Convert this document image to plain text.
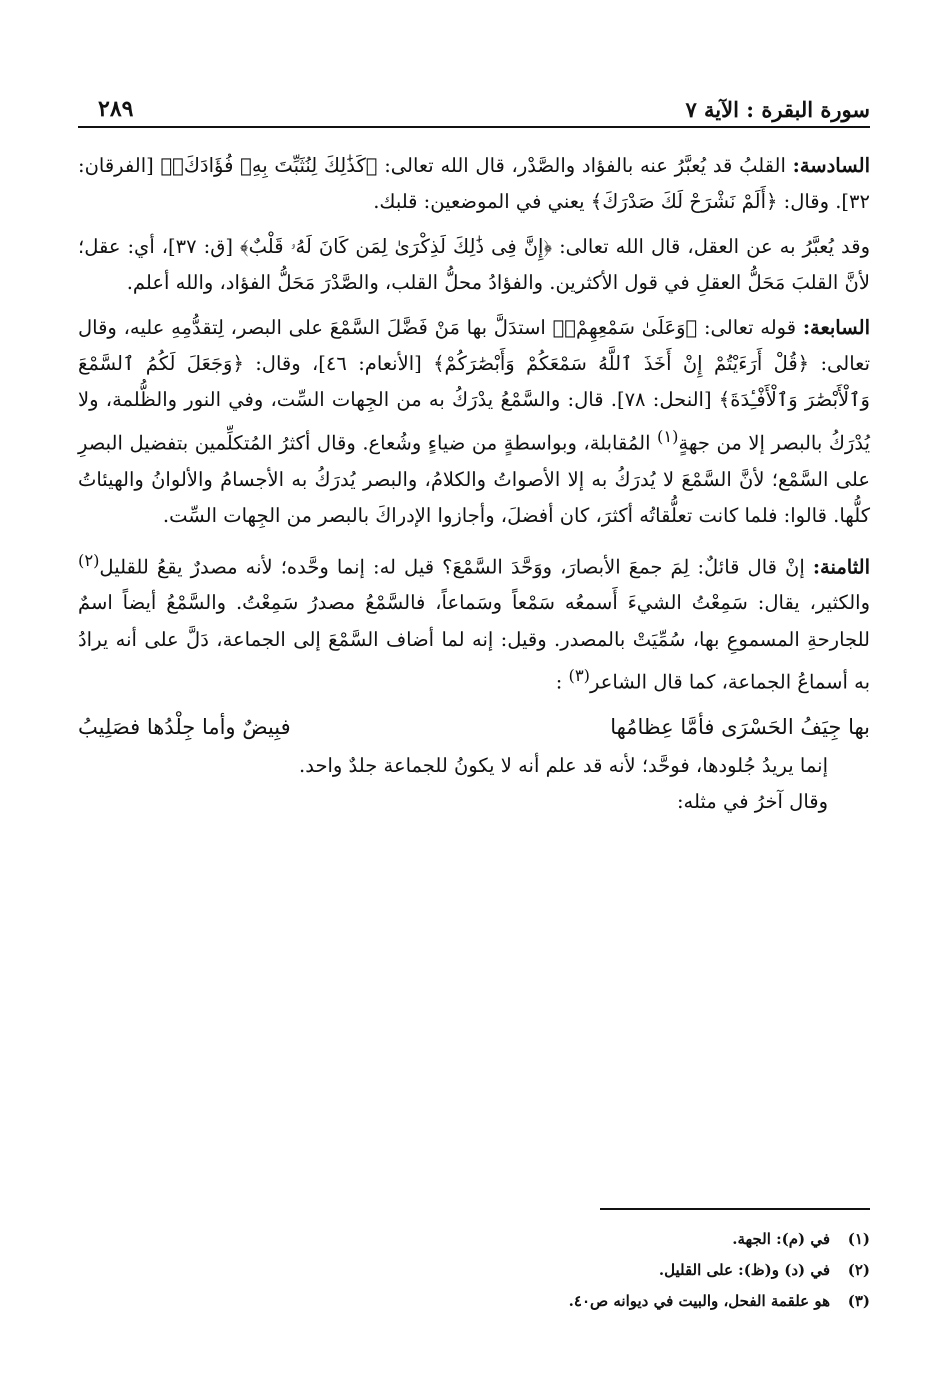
سورة البقرة : الآية ٧
٢٨٩

السادسة: القلبُ قد يُعبَّرُ عنه بالفؤاد والصَّدْر، قال الله تعالى: ﴿كَذَٰلِكَ لِنُثَبِّتَ بِهِۦ فُؤَادَكَۖ﴾ [الفرقان: ٣٢]. وقال: ﴿أَلَمْ نَشْرَحْ لَكَ صَدْرَكَ﴾ يعني في الموضعين: قلبك.

وقد يُعبَّرُ به عن العقل، قال الله تعالى: ﴿إِنَّ فِى ذَٰلِكَ لَذِكْرَىٰ لِمَن كَانَ لَهُۥ قَلْبٌ﴾ [ق: ٣٧]، أي: عقل؛ لأنَّ القلبَ مَحَلُّ العقلِ في قول الأكثرين. والفؤادُ محلُّ القلب، والصَّدْرَ مَحَلُّ الفؤاد، والله أعلم.

السابعة: قوله تعالى: ﴿وَعَلَىٰ سَمْعِهِمْۖ﴾ استدَلَّ بها مَنْ فَضَّلَ السَّمْعَ على البصر، لِتقدُّمِهِ عليه، وقال تعالى: ﴿قُلْ أَرَءَيْتُمْ إِنْ أَخَذَ ٱللَّهُ سَمْعَكُمْ وَأَبْصَٰرَكُمْ﴾ [الأنعام: ٤٦]، وقال: ﴿وَجَعَلَ لَكُمُ ٱلسَّمْعَ وَٱلْأَبْصَٰرَ وَٱلْأَفْـِٔدَةَ﴾ [النحل: ٧٨]. قال: والسَّمْعُ يدْرَكُ به من الجِهات السِّت، وفي النور والظُّلمة، ولا يُدْرَكُ بالبصر إلا من جهةٍ$^{(١)}$ المُقابلة، وبواسطةٍ من ضياءٍ وشُعاع. وقال أكثرُ المُتكلِّمين بتفضيل البصرِ على السَّمْع؛ لأنَّ السَّمْعَ لا يُدرَكُ به إلا الأصواتُ والكلامُ، والبصر يُدرَكُ به الأجسامُ والألوانُ والهيئاتُ كلُّها. قالوا: فلما كانت تعلُّقاتُه أكثرَ، كان أفضلَ، وأجازوا الإدراكَ بالبصر من الجِهات السِّت.

الثامنة: إنْ قال قائلٌ: لِمَ جمعَ الأبصارَ، ووَحَّدَ السَّمْعَ؟ قيل له: إنما وحَّده؛ لأنه مصدرٌ يقعُ للقليل$^{(٢)}$ والكثير، يقال: سَمِعْتُ الشيءَ أَسمعُه سَمْعاً وسَماعاً، فالسَّمْعُ مصدرُ سَمِعْتُ. والسَّمْعُ أيضاً اسمٌ للجارحةِ المسموعِ بها، سُمِّيَتْ بالمصدر. وقيل: إنه لما أضاف السَّمْعَ إلى الجماعة، دَلَّ على أنه يرادُ به أسماعُ الجماعة، كما قال الشاعر$^{(٣)}$ :

بها جِيَفُ الحَسْرَى فأمَّا عِظامُها
فبِيضٌ وأما جِلْدُها فصَلِيبُ

إنما يريدُ جُلودها، فوحَّد؛ لأنه قد علم أنه لا يكونُ للجماعة جلدٌ واحد.

وقال آخرُ في مثله:

(١)في (م): الجهة.

(٢)في (د) و(ظ): على القليل.

(٣)هو علقمة الفحل، والبيت في ديوانه ص٤٠.
